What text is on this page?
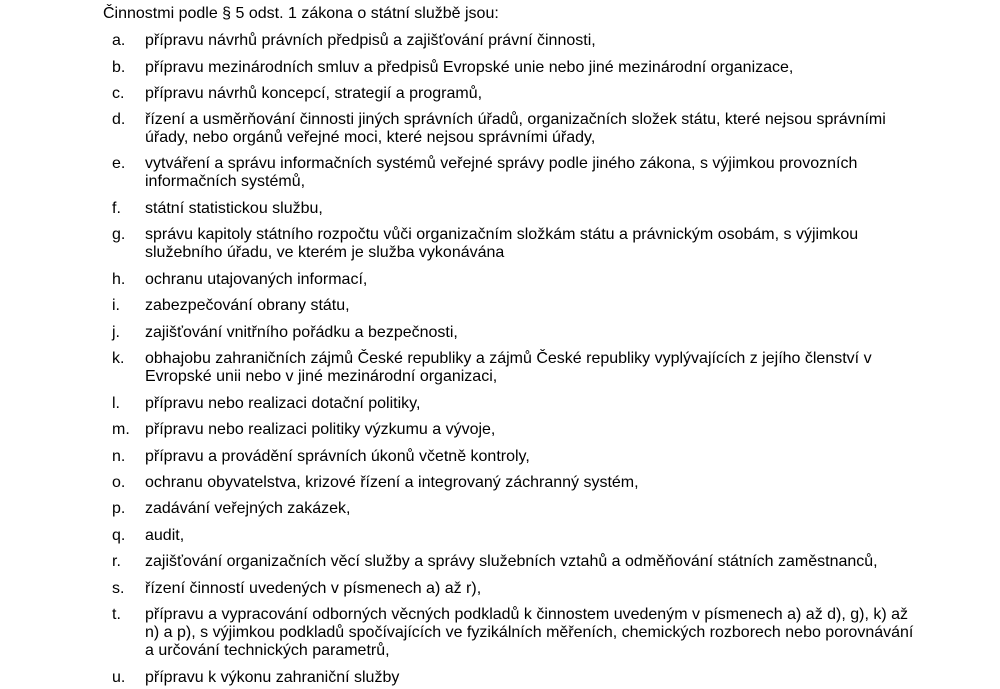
Činnostmi podle § 5 odst. 1 zákona o státní službě jsou:
a. přípravu návrhů právních předpisů a zajišťování právní činnosti,
b. přípravu mezinárodních smluv a předpisů Evropské unie nebo jiné mezinárodní organizace,
c. přípravu návrhů koncepcí, strategií a programů,
d. řízení a usměrňování činnosti jiných správních úřadů, organizačních složek státu, které nejsou správními úřady, nebo orgánů veřejné moci, které nejsou správními úřady,
e. vytváření a správu informačních systémů veřejné správy podle jiného zákona, s výjimkou provozních informačních systémů,
f. státní statistickou službu,
g. správu kapitoly státního rozpočtu vůči organizačním složkám státu a právnickým osobám, s výjimkou služebního úřadu, ve kterém je služba vykonávána
h. ochranu utajovaných informací,
i. zabezpečování obrany státu,
j. zajišťování vnitřního pořádku a bezpečnosti,
k. obhajobu zahraničních zájmů České republiky a zájmů České republiky vyplývajících z jejího členství v Evropské unii nebo v jiné mezinárodní organizaci,
l. přípravu nebo realizaci dotační politiky,
m. přípravu nebo realizaci politiky výzkumu a vývoje,
n. přípravu a provádění správních úkonů včetně kontroly,
o. ochranu obyvatelstva, krizové řízení a integrovaný záchranný systém,
p. zadávání veřejných zakázek,
q. audit,
r. zajišťování organizačních věcí služby a správy služebních vztahů a odměňování státních zaměstnanců,
s. řízení činností uvedených v písmenech a) až r),
t. přípravu a vypracování odborných věcných podkladů k činnostem uvedeným v písmenech a) až d), g), k) až n) a p), s výjimkou podkladů spočívajících ve fyzikálních měřeních, chemických rozborech nebo porovnávání a určování technických parametrů,
u. přípravu k výkonu zahraniční služby
